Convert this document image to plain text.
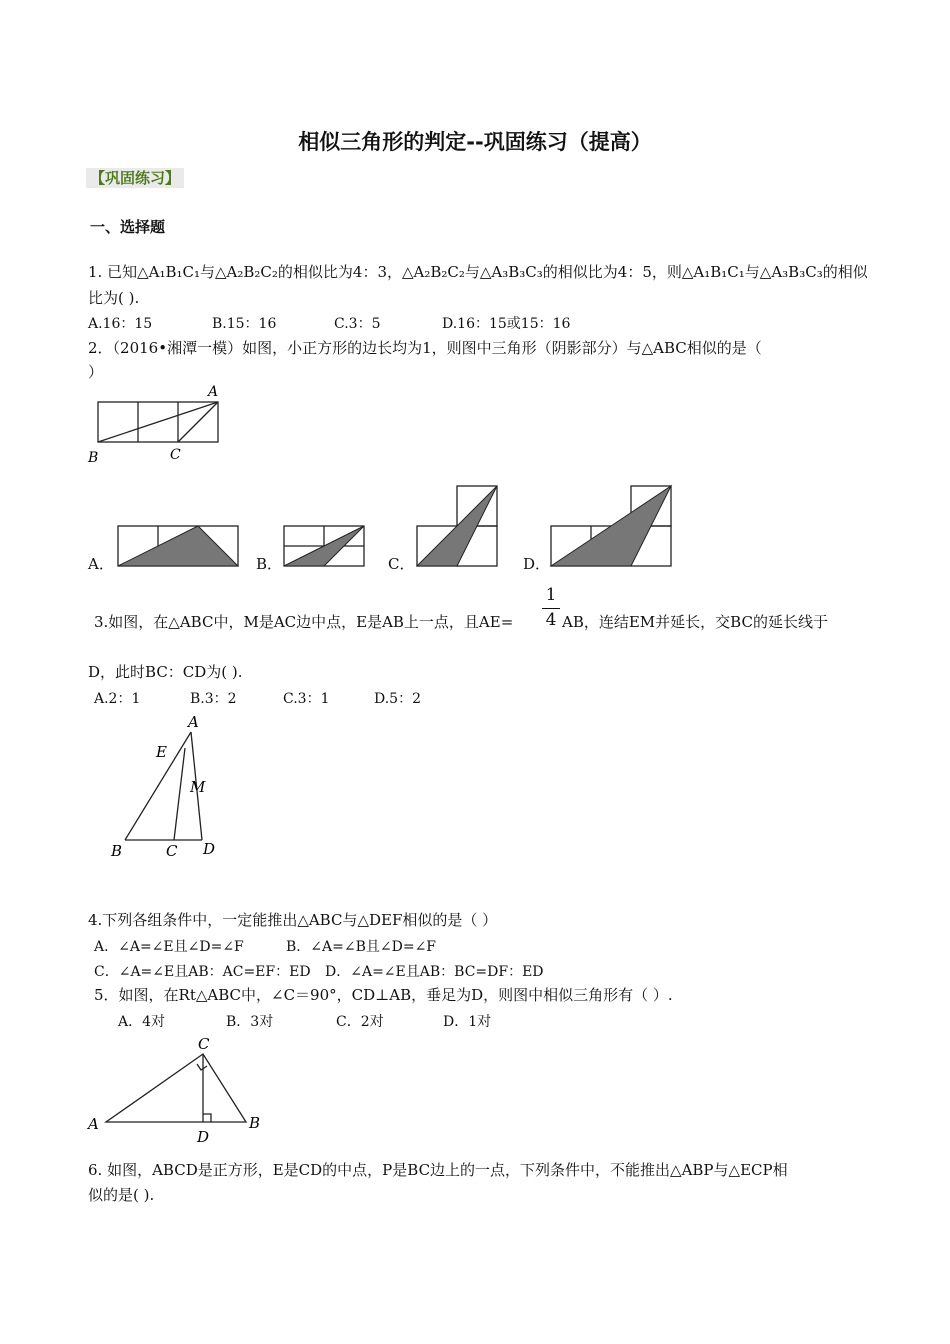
相似三角形的判定--巩固练习（提高）
【巩固练习】
一、选择题
1. 已知△A₁B₁C₁与△A₂B₂C₂的相似比为4：3，△A₂B₂C₂与△A₃B₃C₃的相似比为4：5，则△A₁B₁C₁与△A₃B₃C₃的相似
比为( ).
A.16：15	B.15：16	C.3：5	D.16：15或15：16
2．（2016•湘潭一模）如图，小正方形的边长均为1，则图中三角形（阴影部分）与△ABC相似的是（
）
A
B	C
A．	B．	C．	D．
3.如图，在△ABC中，M是AC边中点，E是AB上一点，且AE=
1
4 AB，连结EM并延长，交BC的延长线于
D，此时BC：CD为( ).
A.2：1	B.3：2	C.3：1	D.5：2
A
E
M
B	C D
4.下列各组条件中，一定能推出△ABC与△DEF相似的是（ ）
A．∠A=∠E且∠D=∠F	B．∠A=∠B且∠D=∠F
C．∠A=∠E且AB：AC=EF：ED D．∠A=∠E且AB：BC=DF：ED
5．如图，在Rt△ABC中，∠C＝90°，CD⊥AB，垂足为D，则图中相似三角形有（ ）.
A．4对	B．3对	C．2对	D．1对
C
A
D
B
6. 如图，ABCD是正方形，E是CD的中点，P是BC边上的一点，下列条件中，不能推出△ABP与△ECP相
似的是( ).
